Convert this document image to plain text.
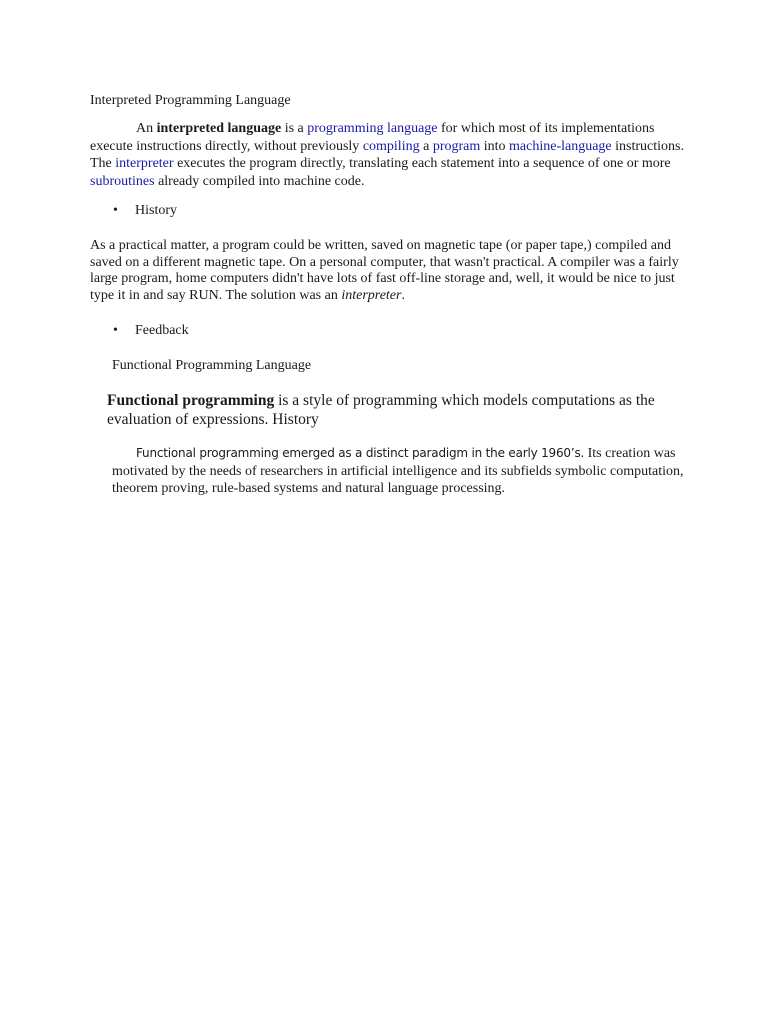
Interpreted Programming Language
An interpreted language is a programming language for which most of its implementations execute instructions directly, without previously compiling a program into machine-language instructions. The interpreter executes the program directly, translating each statement into a sequence of one or more subroutines already compiled into machine code.
• History
As a practical matter, a program could be written, saved on magnetic tape (or paper tape,) compiled and saved on a different magnetic tape. On a personal computer, that wasn't practical. A compiler was a fairly large program, home computers didn't have lots of fast off-line storage and, well, it would be nice to just type it in and say RUN. The solution was an interpreter.
• Feedback
Functional Programming Language
Functional programming is a style of programming which models computations as the evaluation of expressions. History
Functional programming emerged as a distinct paradigm in the early 1960’s. Its creation was motivated by the needs of researchers in artificial intelligence and its subfields symbolic computation, theorem proving, rule-based systems and natural language processing.
